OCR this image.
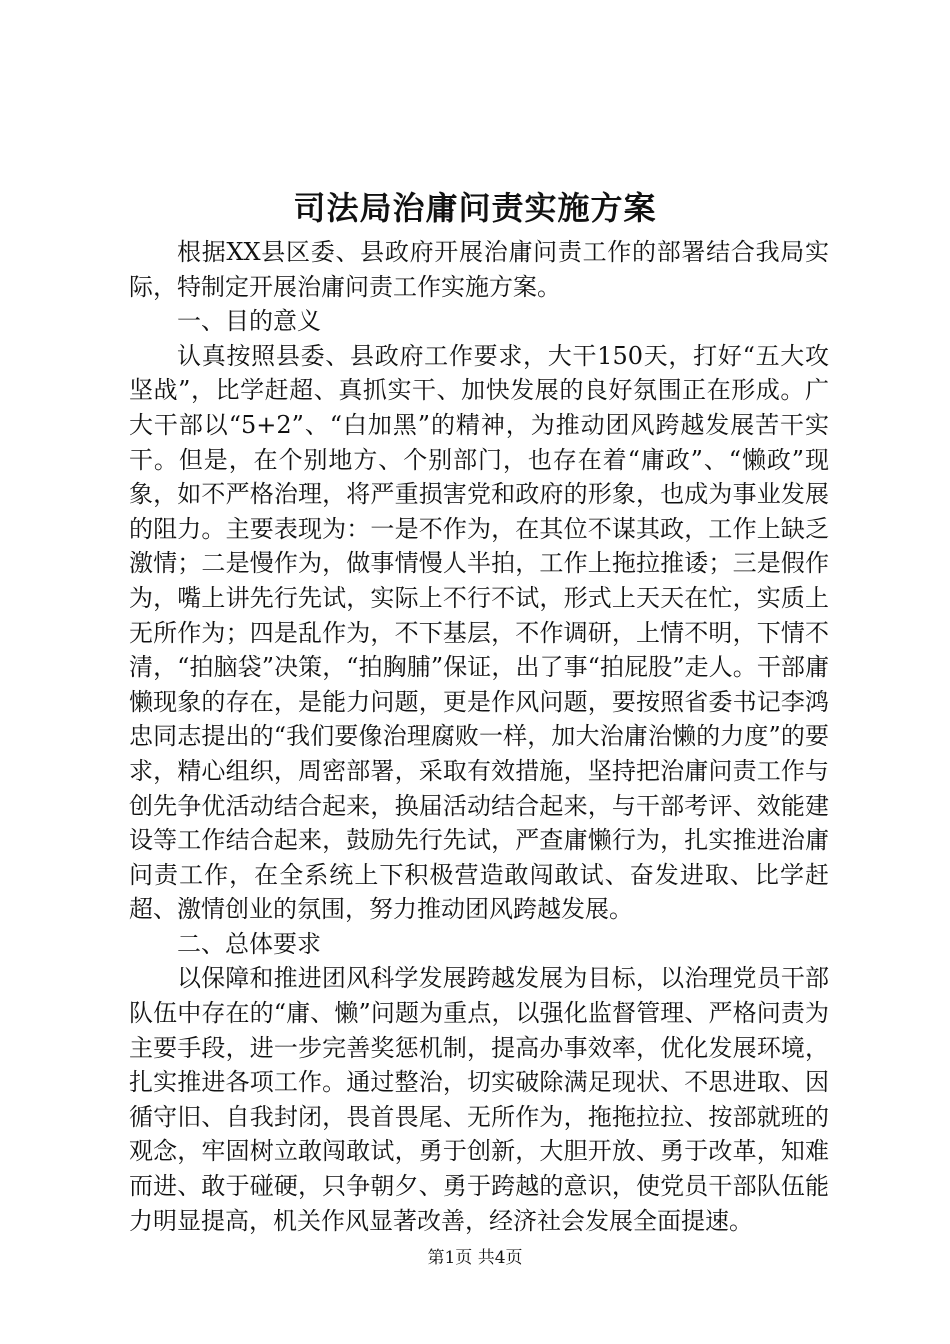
司法局治庸问责实施方案

根据XX县区委、县政府开展治庸问责工作的部署结合我局实际，特制定开展治庸问责工作实施方案。

一、目的意义

认真按照县委、县政府工作要求，大干150天，打好“五大攻坚战”，比学赶超、真抓实干、加快发展的良好氛围正在形成。广大干部以“5+2”、“白加黑”的精神，为推动团风跨越发展苦干实干。但是，在个别地方、个别部门，也存在着“庸政”、“懒政”现象，如不严格治理，将严重损害党和政府的形象，也成为事业发展的阻力。主要表现为：一是不作为，在其位不谋其政，工作上缺乏激情；二是慢作为，做事情慢人半拍，工作上拖拉推诿；三是假作为，嘴上讲先行先试，实际上不行不试，形式上天天在忙，实质上无所作为；四是乱作为，不下基层，不作调研，上情不明，下情不清，“拍脑袋”决策，“拍胸脯”保证，出了事“拍屁股”走人。干部庸懒现象的存在，是能力问题，更是作风问题，要按照省委书记李鸿忠同志提出的“我们要像治理腐败一样，加大治庸治懒的力度”的要求，精心组织，周密部署，采取有效措施，坚持把治庸问责工作与创先争优活动结合起来，换届活动结合起来，与干部考评、效能建设等工作结合起来，鼓励先行先试，严查庸懒行为，扎实推进治庸问责工作，在全系统上下积极营造敢闯敢试、奋发进取、比学赶超、激情创业的氛围，努力推动团风跨越发展。

二、总体要求

以保障和推进团风科学发展跨越发展为目标，以治理党员干部队伍中存在的“庸、懒”问题为重点，以强化监督管理、严格问责为主要手段，进一步完善奖惩机制，提高办事效率，优化发展环境，扎实推进各项工作。通过整治，切实破除满足现状、不思进取、因循守旧、自我封闭，畏首畏尾、无所作为，拖拖拉拉、按部就班的观念，牢固树立敢闯敢试，勇于创新，大胆开放、勇于改革，知难而进、敢于碰硬，只争朝夕、勇于跨越的意识，使党员干部队伍能力明显提高，机关作风显著改善，经济社会发展全面提速。

第1页 共4页
